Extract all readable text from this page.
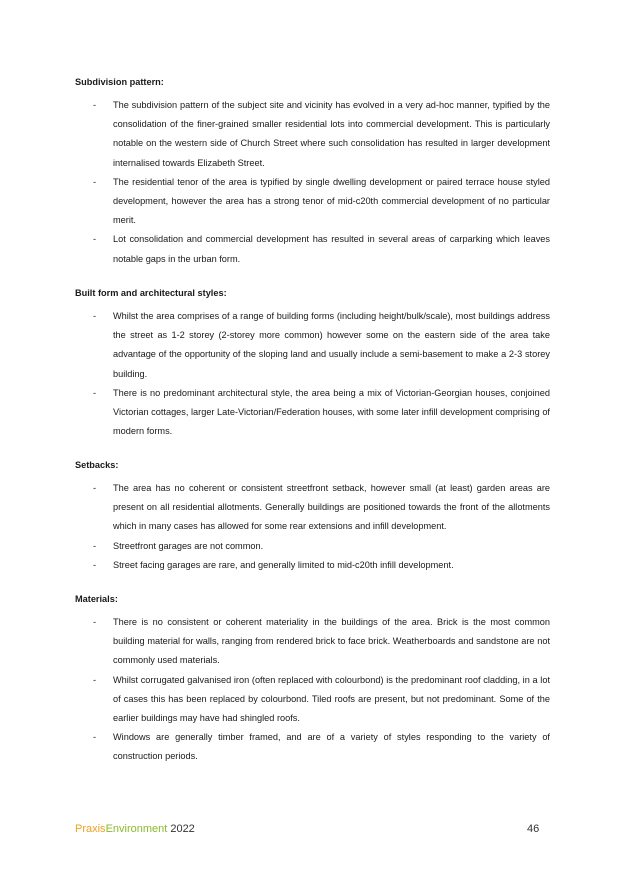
Subdivision pattern:
- The subdivision pattern of the subject site and vicinity has evolved in a very ad-hoc manner, typified by the consolidation of the finer-grained smaller residential lots into commercial development. This is particularly notable on the western side of Church Street where such consolidation has resulted in larger development internalised towards Elizabeth Street.
- The residential tenor of the area is typified by single dwelling development or paired terrace house styled development, however the area has a strong tenor of mid-c20th commercial development of no particular merit.
- Lot consolidation and commercial development has resulted in several areas of carparking which leaves notable gaps in the urban form.
Built form and architectural styles:
- Whilst the area comprises of a range of building forms (including height/bulk/scale), most buildings address the street as 1-2 storey (2-storey more common) however some on the eastern side of the area take advantage of the opportunity of the sloping land and usually include a semi-basement to make a 2-3 storey building.
- There is no predominant architectural style, the area being a mix of Victorian-Georgian houses, conjoined Victorian cottages, larger Late-Victorian/Federation houses, with some later infill development comprising of modern forms.
Setbacks:
- The area has no coherent or consistent streetfront setback, however small (at least) garden areas are present on all residential allotments. Generally buildings are positioned towards the front of the allotments which in many cases has allowed for some rear extensions and infill development.
- Streetfront garages are not common.
- Street facing garages are rare, and generally limited to mid-c20th infill development.
Materials:
- There is no consistent or coherent materiality in the buildings of the area. Brick is the most common building material for walls, ranging from rendered brick to face brick. Weatherboards and sandstone are not commonly used materials.
- Whilst corrugated galvanised iron (often replaced with colourbond) is the predominant roof cladding, in a lot of cases this has been replaced by colourbond. Tiled roofs are present, but not predominant. Some of the earlier buildings may have had shingled roofs.
- Windows are generally timber framed, and are of a variety of styles responding to the variety of construction periods.
PraxisEnvironment 2022	46
